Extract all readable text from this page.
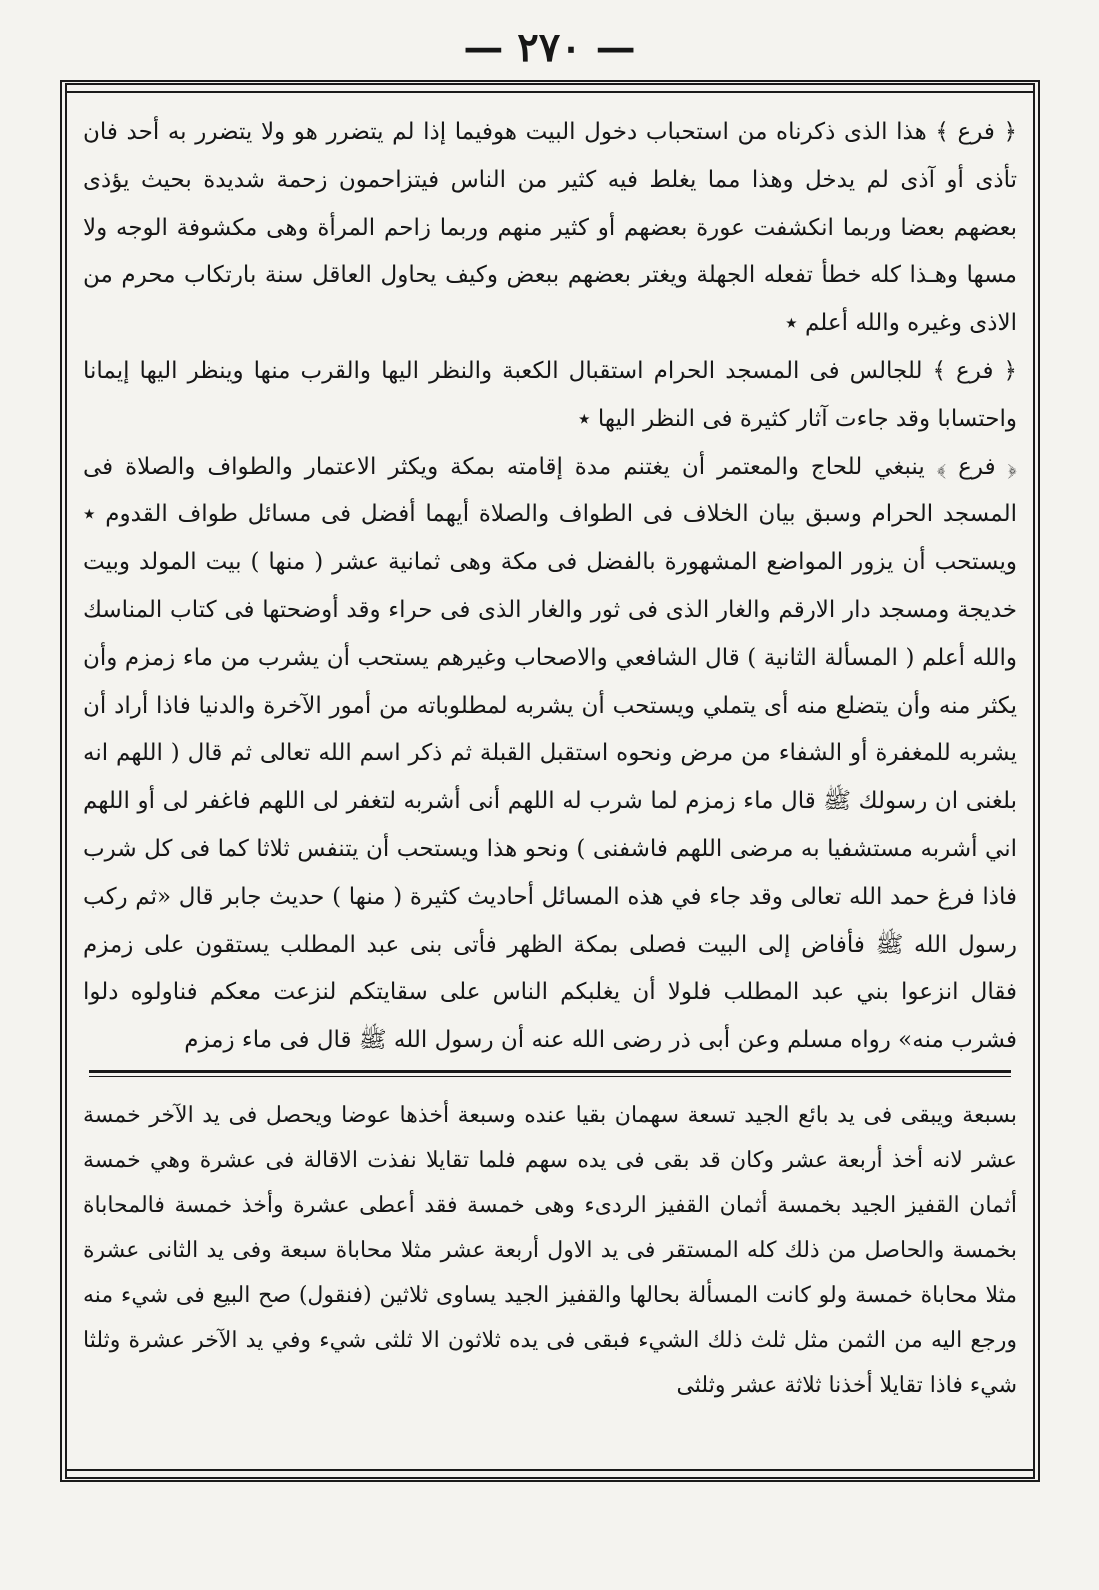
— ٢٧٠ —

﴿ فرع ﴾ هذا الذى ذكرناه من استحباب دخول البيت هوفيما إذا لم يتضرر هو ولا يتضرر به أحد فان تأذى أو آذى لم يدخل وهذا مما يغلط فيه كثير من الناس فيتزاحمون زحمة شديدة بحيث يؤذى بعضهم بعضا وربما انكشفت عورة بعضهم أو كثير منهم وربما زاحم المرأة وهى مكشوفة الوجه ولا مسها وهـذا كله خطأ تفعله الجهلة ويغتر بعضهم ببعض وكيف يحاول العاقل سنة بارتكاب محرم من الاذى وغيره والله أعلم ٭

﴿ فرع ﴾ للجالس فى المسجد الحرام استقبال الكعبة والنظر اليها والقرب منها وينظر اليها إيمانا واحتسابا وقد جاءت آثار كثيرة فى النظر اليها ٭

﴿ فرع ﴾ ينبغي للحاج والمعتمر أن يغتنم مدة إقامته بمكة ويكثر الاعتمار والطواف والصلاة فى المسجد الحرام وسبق بيان الخلاف فى الطواف والصلاة أيهما أفضل فى مسائل طواف القدوم ٭ ويستحب أن يزور المواضع المشهورة بالفضل فى مكة وهى ثمانية عشر ( منها ) بيت المولد وبيت خديجة ومسجد دار الارقم والغار الذى فى ثور والغار الذى فى حراء وقد أوضحتها فى كتاب المناسك والله أعلم ( المسألة الثانية ) قال الشافعي والاصحاب وغيرهم يستحب أن يشرب من ماء زمزم وأن يكثر منه وأن يتضلع منه أى يتملي ويستحب أن يشربه لمطلوباته من أمور الآخرة والدنيا فاذا أراد أن يشربه للمغفرة أو الشفاء من مرض ونحوه استقبل القبلة ثم ذكر اسم الله تعالى ثم قال ( اللهم انه بلغنى ان رسولك ﷺ قال ماء زمزم لما شرب له اللهم أنى أشربه لتغفر لى اللهم فاغفر لى أو اللهم اني أشربه مستشفيا به مرضى اللهم فاشفنى ) ونحو هذا ويستحب أن يتنفس ثلاثا كما فى كل شرب فاذا فرغ حمد الله تعالى وقد جاء في هذه المسائل أحاديث كثيرة ( منها ) حديث جابر قال «ثم ركب رسول الله ﷺ فأفاض إلى البيت فصلى بمكة الظهر فأتى بنى عبد المطلب يستقون على زمزم فقال انزعوا بني عبد المطلب فلولا أن يغلبكم الناس على سقايتكم لنزعت معكم فناولوه دلوا فشرب منه» رواه مسلم وعن أبى ذر رضى الله عنه أن رسول الله ﷺ قال فى ماء زمزم

بسبعة ويبقى فى يد بائع الجيد تسعة سهمان بقيا عنده وسبعة أخذها عوضا ويحصل فى يد الآخر خمسة عشر لانه أخذ أربعة عشر وكان قد بقى فى يده سهم فلما تقايلا نفذت الاقالة فى عشرة وهي خمسة أثمان القفيز الجيد بخمسة أثمان القفيز الردىء وهى خمسة فقد أعطى عشرة وأخذ خمسة فالمحاباة بخمسة والحاصل من ذلك كله المستقر فى يد الاول أربعة عشر مثلا محاباة سبعة وفى يد الثانى عشرة مثلا محاباة خمسة ولو كانت المسألة بحالها والقفيز الجيد يساوى ثلاثين (فنقول) صح البيع فى شيء منه ورجع اليه من الثمن مثل ثلث ذلك الشيء فبقى فى يده ثلاثون الا ثلثى شيء وفي يد الآخر عشرة وثلثا شيء فاذا تقايلا أخذنا ثلاثة عشر وثلثى
